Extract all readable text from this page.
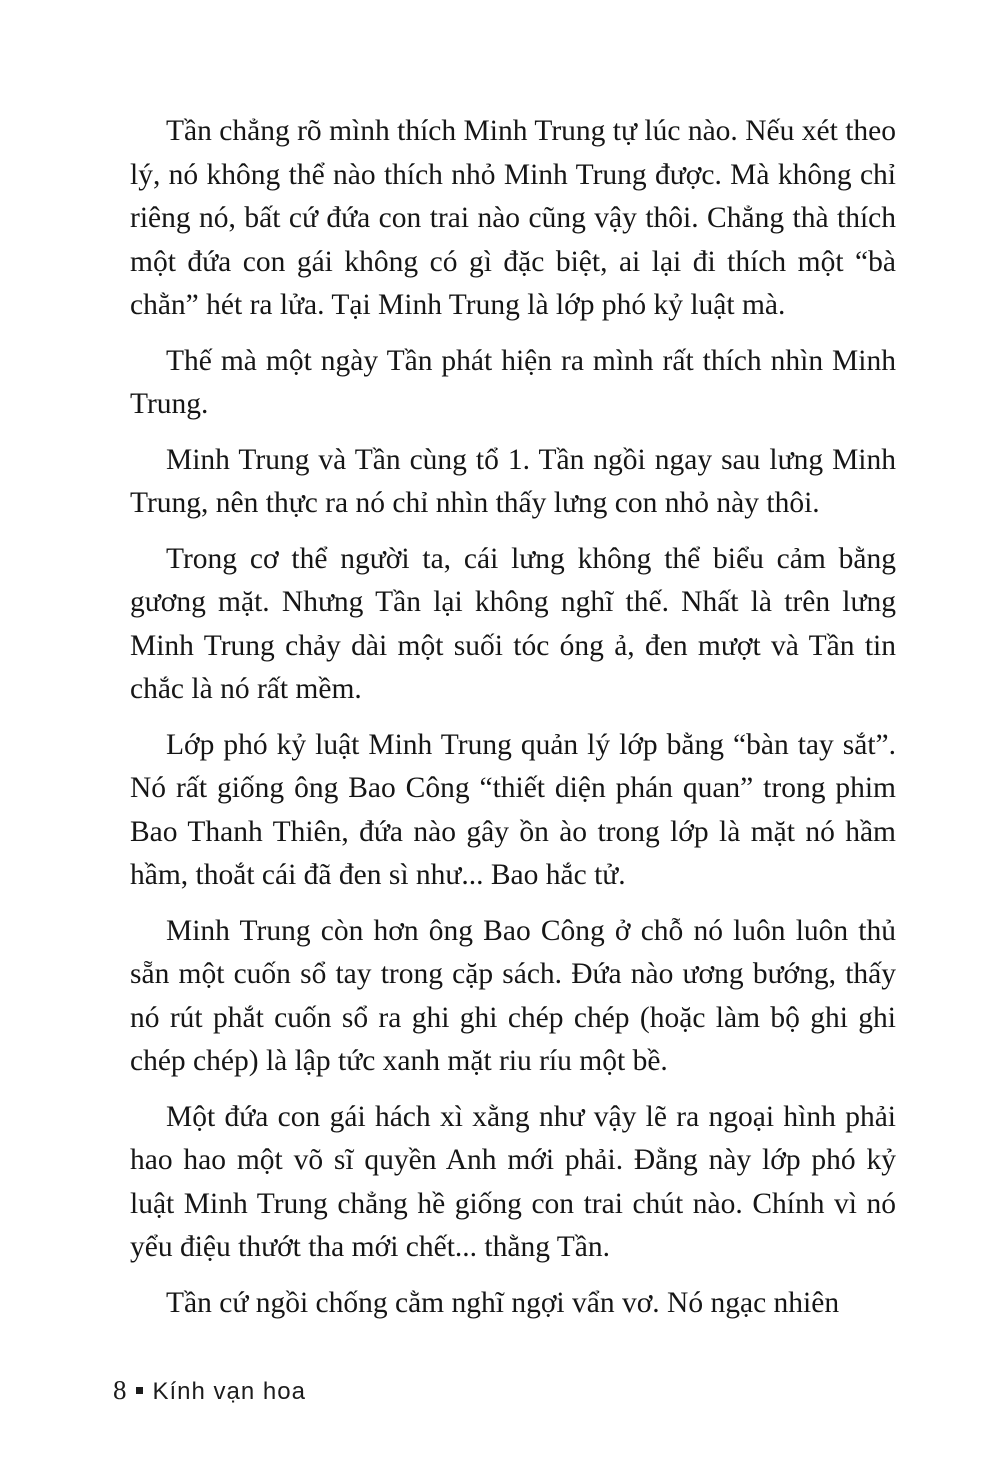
Tần chẳng rõ mình thích Minh Trung tự lúc nào. Nếu xét theo lý, nó không thể nào thích nhỏ Minh Trung được. Mà không chỉ riêng nó, bất cứ đứa con trai nào cũng vậy thôi. Chẳng thà thích một đứa con gái không có gì đặc biệt, ai lại đi thích một “bà chằn” hét ra lửa. Tại Minh Trung là lớp phó kỷ luật mà.

Thế mà một ngày Tần phát hiện ra mình rất thích nhìn Minh Trung.

Minh Trung và Tần cùng tổ 1. Tần ngồi ngay sau lưng Minh Trung, nên thực ra nó chỉ nhìn thấy lưng con nhỏ này thôi.

Trong cơ thể người ta, cái lưng không thể biểu cảm bằng gương mặt. Nhưng Tần lại không nghĩ thế. Nhất là trên lưng Minh Trung chảy dài một suối tóc óng ả, đen mượt và Tần tin chắc là nó rất mềm.

Lớp phó kỷ luật Minh Trung quản lý lớp bằng “bàn tay sắt”. Nó rất giống ông Bao Công “thiết diện phán quan” trong phim Bao Thanh Thiên, đứa nào gây ồn ào trong lớp là mặt nó hầm hầm, thoắt cái đã đen sì như... Bao hắc tử.

Minh Trung còn hơn ông Bao Công ở chỗ nó luôn luôn thủ sẵn một cuốn sổ tay trong cặp sách. Đứa nào ương bướng, thấy nó rút phắt cuốn sổ ra ghi ghi chép chép (hoặc làm bộ ghi ghi chép chép) là lập tức xanh mặt riu ríu một bề.

Một đứa con gái hách xì xằng như vậy lẽ ra ngoại hình phải hao hao một võ sĩ quyền Anh mới phải. Đằng này lớp phó kỷ luật Minh Trung chẳng hề giống con trai chút nào. Chính vì nó yểu điệu thướt tha mới chết... thằng Tần.

Tần cứ ngồi chống cằm nghĩ ngợi vẩn vơ. Nó ngạc nhiên

8 Kính vạn hoa
